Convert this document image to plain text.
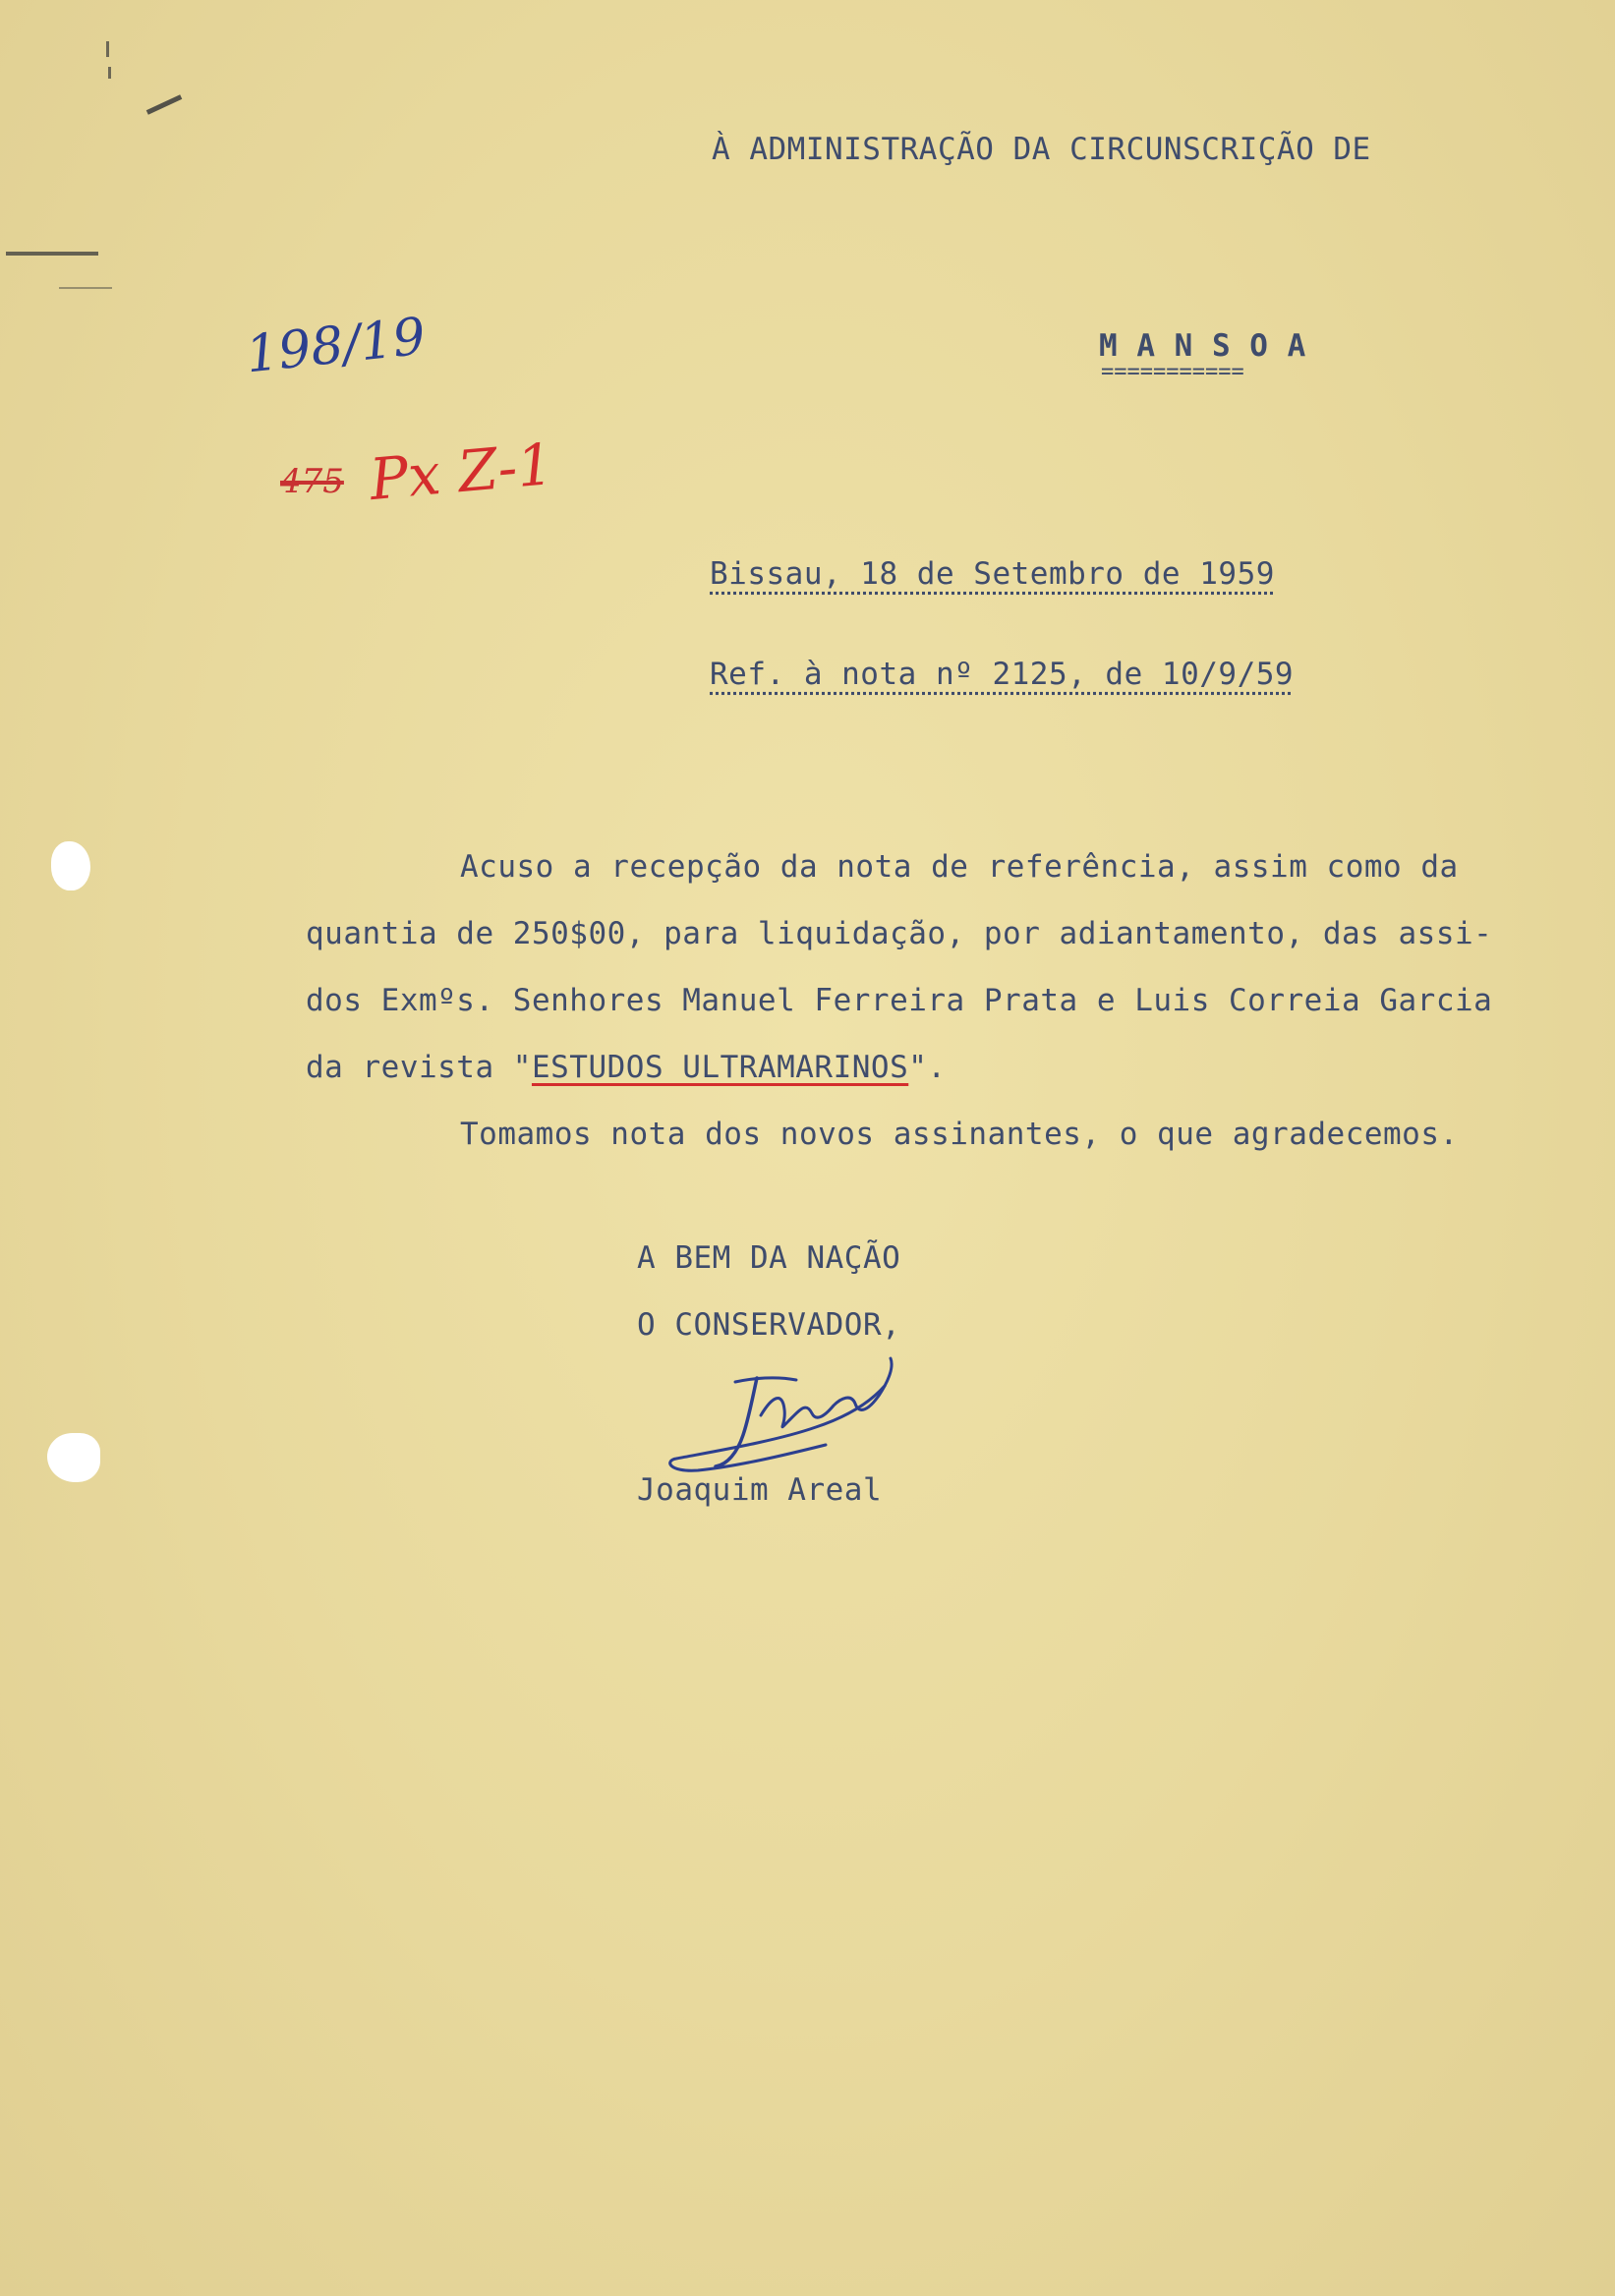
À ADMINISTRAÇÃO DA CIRCUNSCRIÇÃO DE
M A N S O A
===========
198/19
475 Px Z-1
Bissau, 18 de Setembro de 1959
Ref. à nota nº 2125, de 10/9/59
Acuso a recepção da nota de referência, assim como da
quantia de 250$00, para liquidação, por adiantamento, das assi-
dos Exmºs. Senhores Manuel Ferreira Prata e Luis Correia Garcia
da revista "ESTUDOS ULTRAMARINOS".
Tomamos nota dos novos assinantes, o que agradecemos.
A BEM DA NAÇÃO
O CONSERVADOR,
Joaquim Areal
